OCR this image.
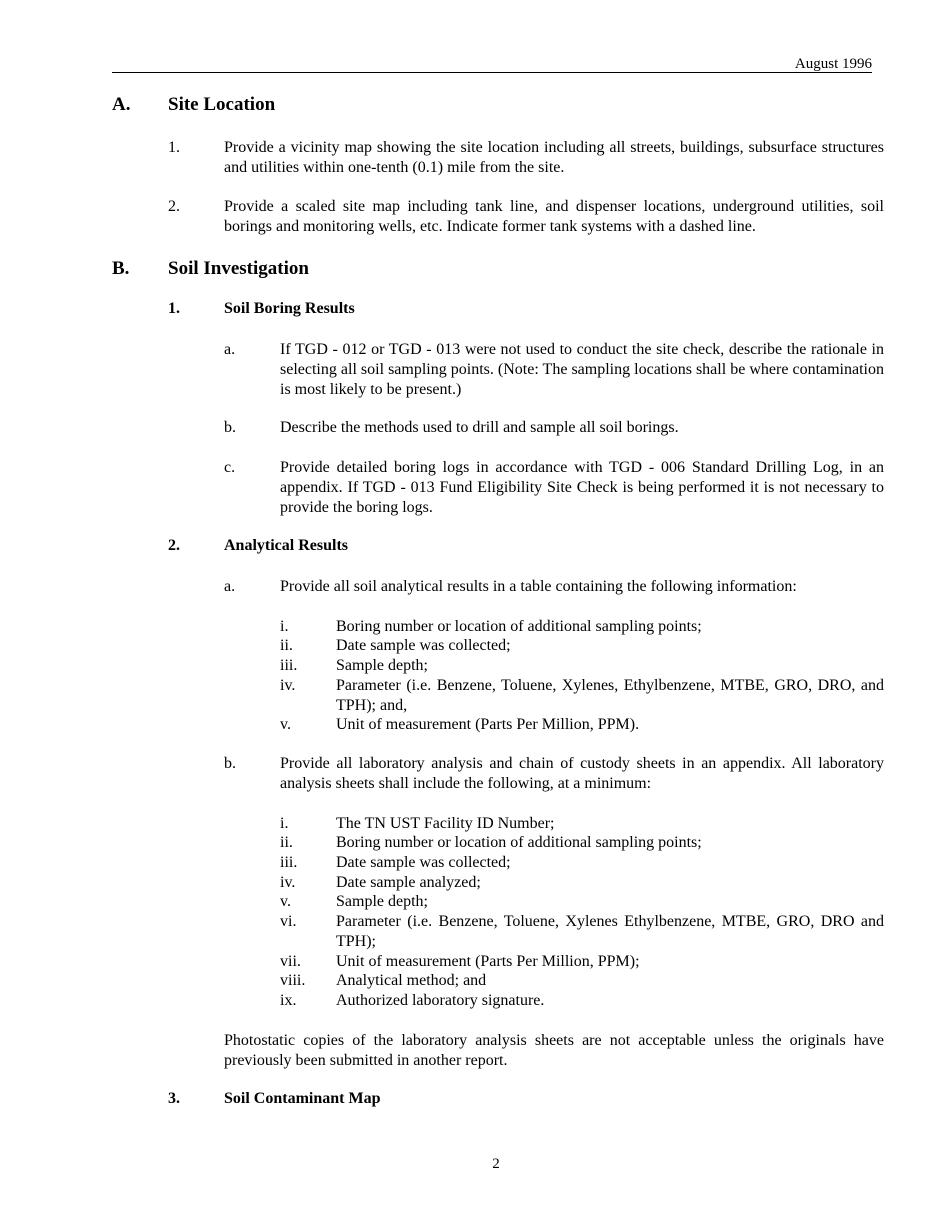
August 1996
A. Site Location
1.	Provide a vicinity map showing the site location including all streets, buildings, subsurface structures and utilities within one-tenth (0.1) mile from the site.
2.	Provide a scaled site map including tank line, and dispenser locations, underground utilities, soil borings and monitoring wells, etc. Indicate former tank systems with a dashed line.
B. Soil Investigation
1.	Soil Boring Results
a.	If TGD - 012 or TGD - 013 were not used to conduct the site check, describe the rationale in selecting all soil sampling points. (Note: The sampling locations shall be where contamination is most likely to be present.)
b.	Describe the methods used to drill and sample all soil borings.
c.	Provide detailed boring logs in accordance with TGD - 006 Standard Drilling Log, in an appendix. If TGD - 013 Fund Eligibility Site Check is being performed it is not necessary to provide the boring logs.
2.	Analytical Results
a.	Provide all soil analytical results in a table containing the following information:
i.	Boring number or location of additional sampling points;
ii.	Date sample was collected;
iii. Sample depth;
iv.	Parameter (i.e. Benzene, Toluene, Xylenes, Ethylbenzene, MTBE, GRO, DRO, and TPH); and,
v.	Unit of measurement (Parts Per Million, PPM).
b.	Provide all laboratory analysis and chain of custody sheets in an appendix. All laboratory analysis sheets shall include the following, at a minimum:
i.	The TN UST Facility ID Number;
ii.	Boring number or location of additional sampling points;
iii. Date sample was collected;
iv.	Date sample analyzed;
v.	Sample depth;
vi. Parameter (i.e. Benzene, Toluene, Xylenes Ethylbenzene, MTBE, GRO, DRO and TPH);
vii. Unit of measurement (Parts Per Million, PPM);
viii. Analytical method; and
ix. Authorized laboratory signature.
Photostatic copies of the laboratory analysis sheets are not acceptable unless the originals have previously been submitted in another report.
3.	Soil Contaminant Map
2
